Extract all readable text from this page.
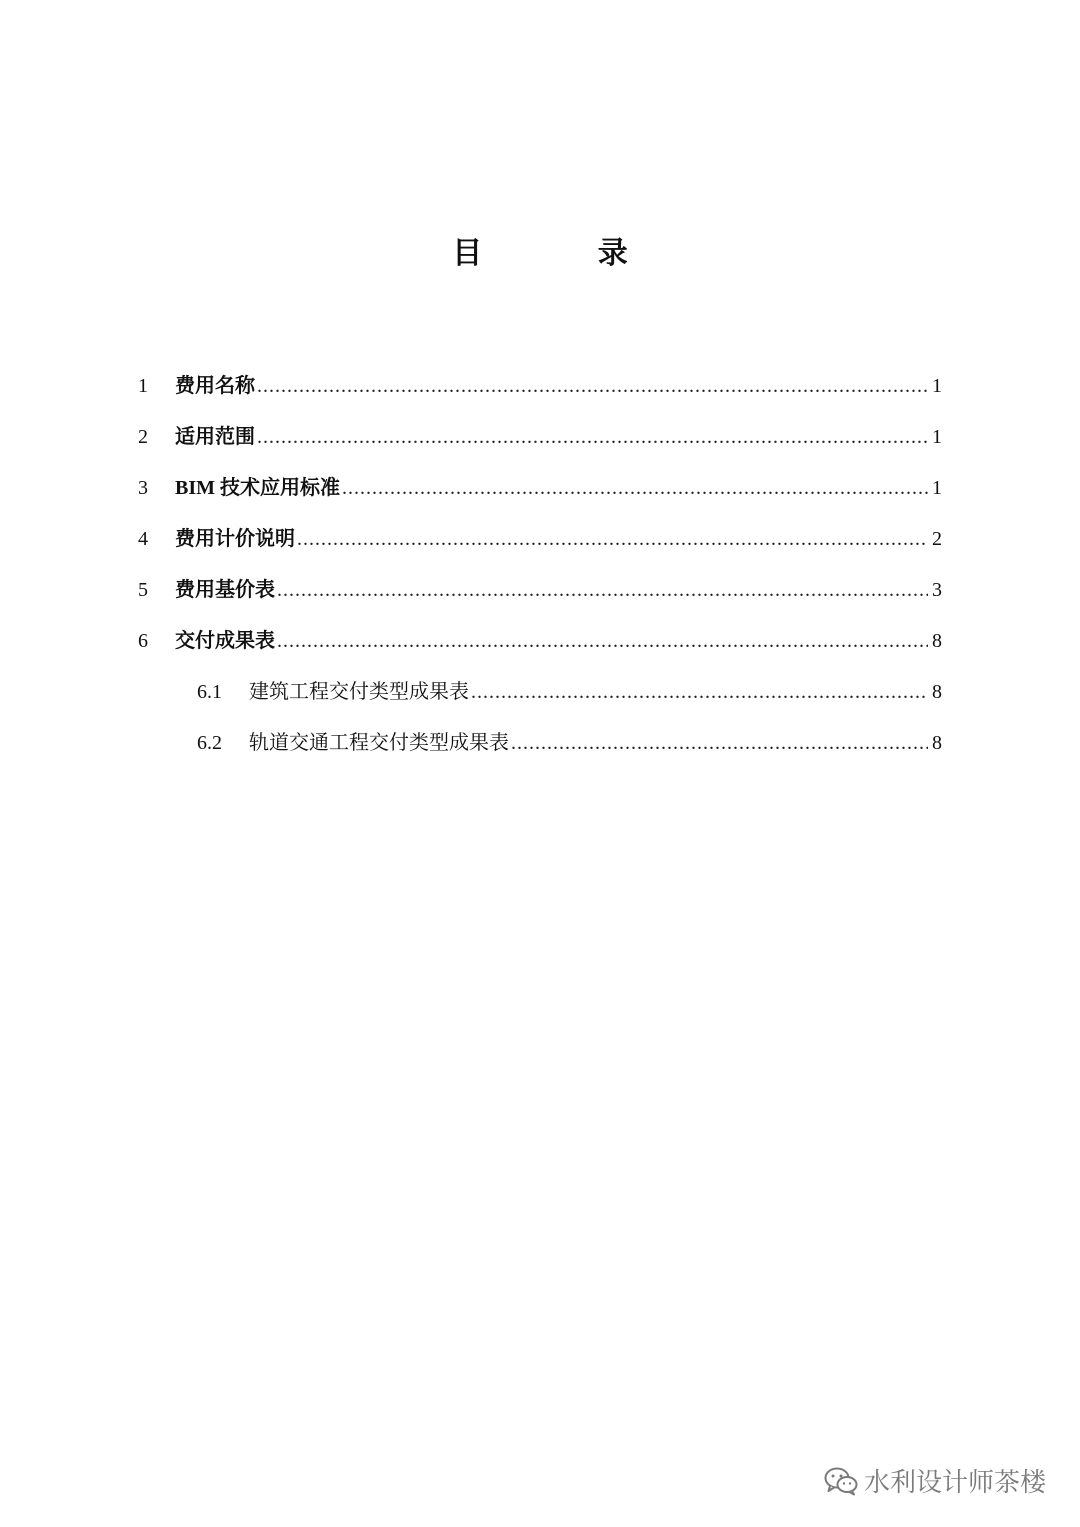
目 录
1	费用名称 .....	1
2	适用范围 .....	1
3	BIM 技术应用标准 .....	1
4	费用计价说明 .....	2
5	费用基价表 .....	3
6	交付成果表 .....	8
6.1	建筑工程交付类型成果表 .....	8
6.2	轨道交通工程交付类型成果表 .....	8
水利设计师茶楼
